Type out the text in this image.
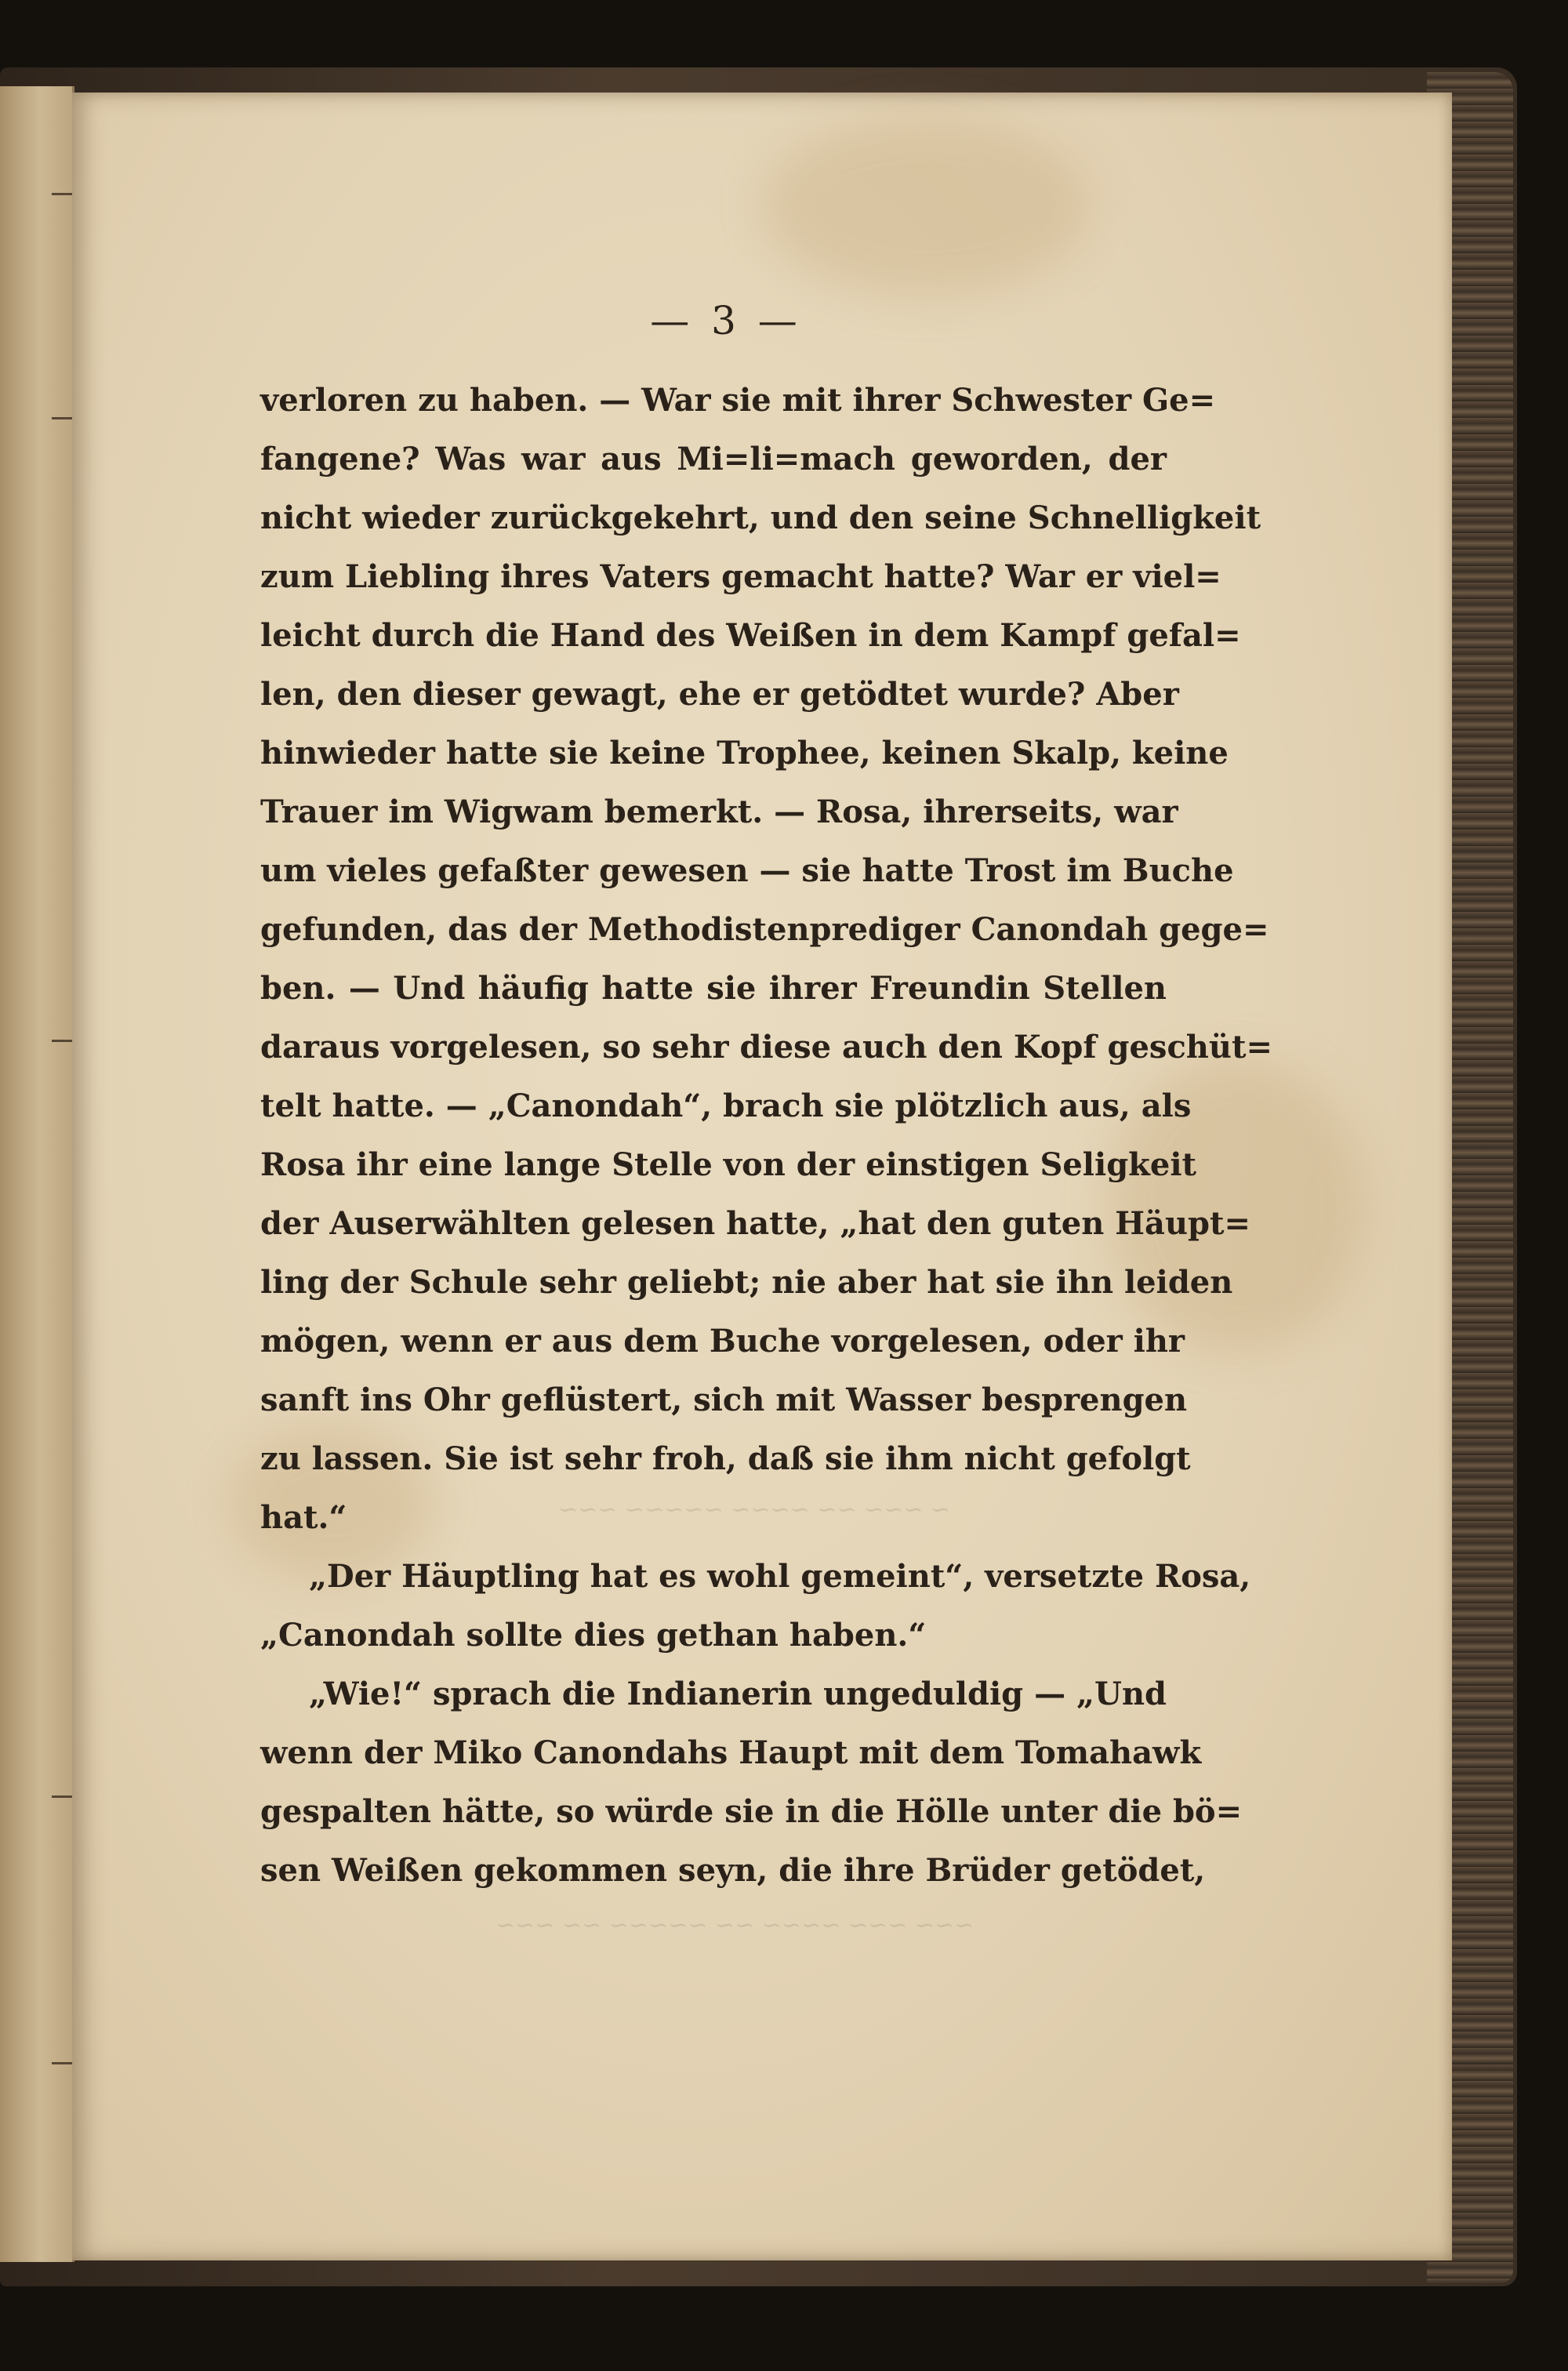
~ ~~~ ~~ ~~~~ ~~~~~ ~~~
~~~ ~~~ ~~~~ ~~ ~~~~~ ~~ ~~~

— 3 —

verloren zu haben. — War sie mit ihrer Schwester Ge=
fangene? Was war aus Mi=li=mach geworden, der
nicht wieder zurückgekehrt, und den seine Schnelligkeit
zum Liebling ihres Vaters gemacht hatte? War er viel=
leicht durch die Hand des Weißen in dem Kampf gefal=
len, den dieser gewagt, ehe er getödtet wurde? Aber
hinwieder hatte sie keine Trophee, keinen Skalp, keine
Trauer im Wigwam bemerkt. — Rosa, ihrerseits, war
um vieles gefaßter gewesen — sie hatte Trost im Buche
gefunden, das der Methodistenprediger Canondah gege=
ben. — Und häufig hatte sie ihrer Freundin Stellen
daraus vorgelesen, so sehr diese auch den Kopf geschüt=
telt hatte. — „Canondah“, brach sie plötzlich aus, als
Rosa ihr eine lange Stelle von der einstigen Seligkeit
der Auserwählten gelesen hatte, „hat den guten Häupt=
ling der Schule sehr geliebt; nie aber hat sie ihn leiden
mögen, wenn er aus dem Buche vorgelesen, oder ihr
sanft ins Ohr geflüstert, sich mit Wasser besprengen
zu lassen. Sie ist sehr froh, daß sie ihm nicht gefolgt
hat.“
„Der Häuptling hat es wohl gemeint“, versetzte Rosa,
„Canondah sollte dies gethan haben.“
„Wie!“ sprach die Indianerin ungeduldig — „Und
wenn der Miko Canondahs Haupt mit dem Tomahawk
gespalten hätte, so würde sie in die Hölle unter die bö=
sen Weißen gekommen seyn, die ihre Brüder getödet,
